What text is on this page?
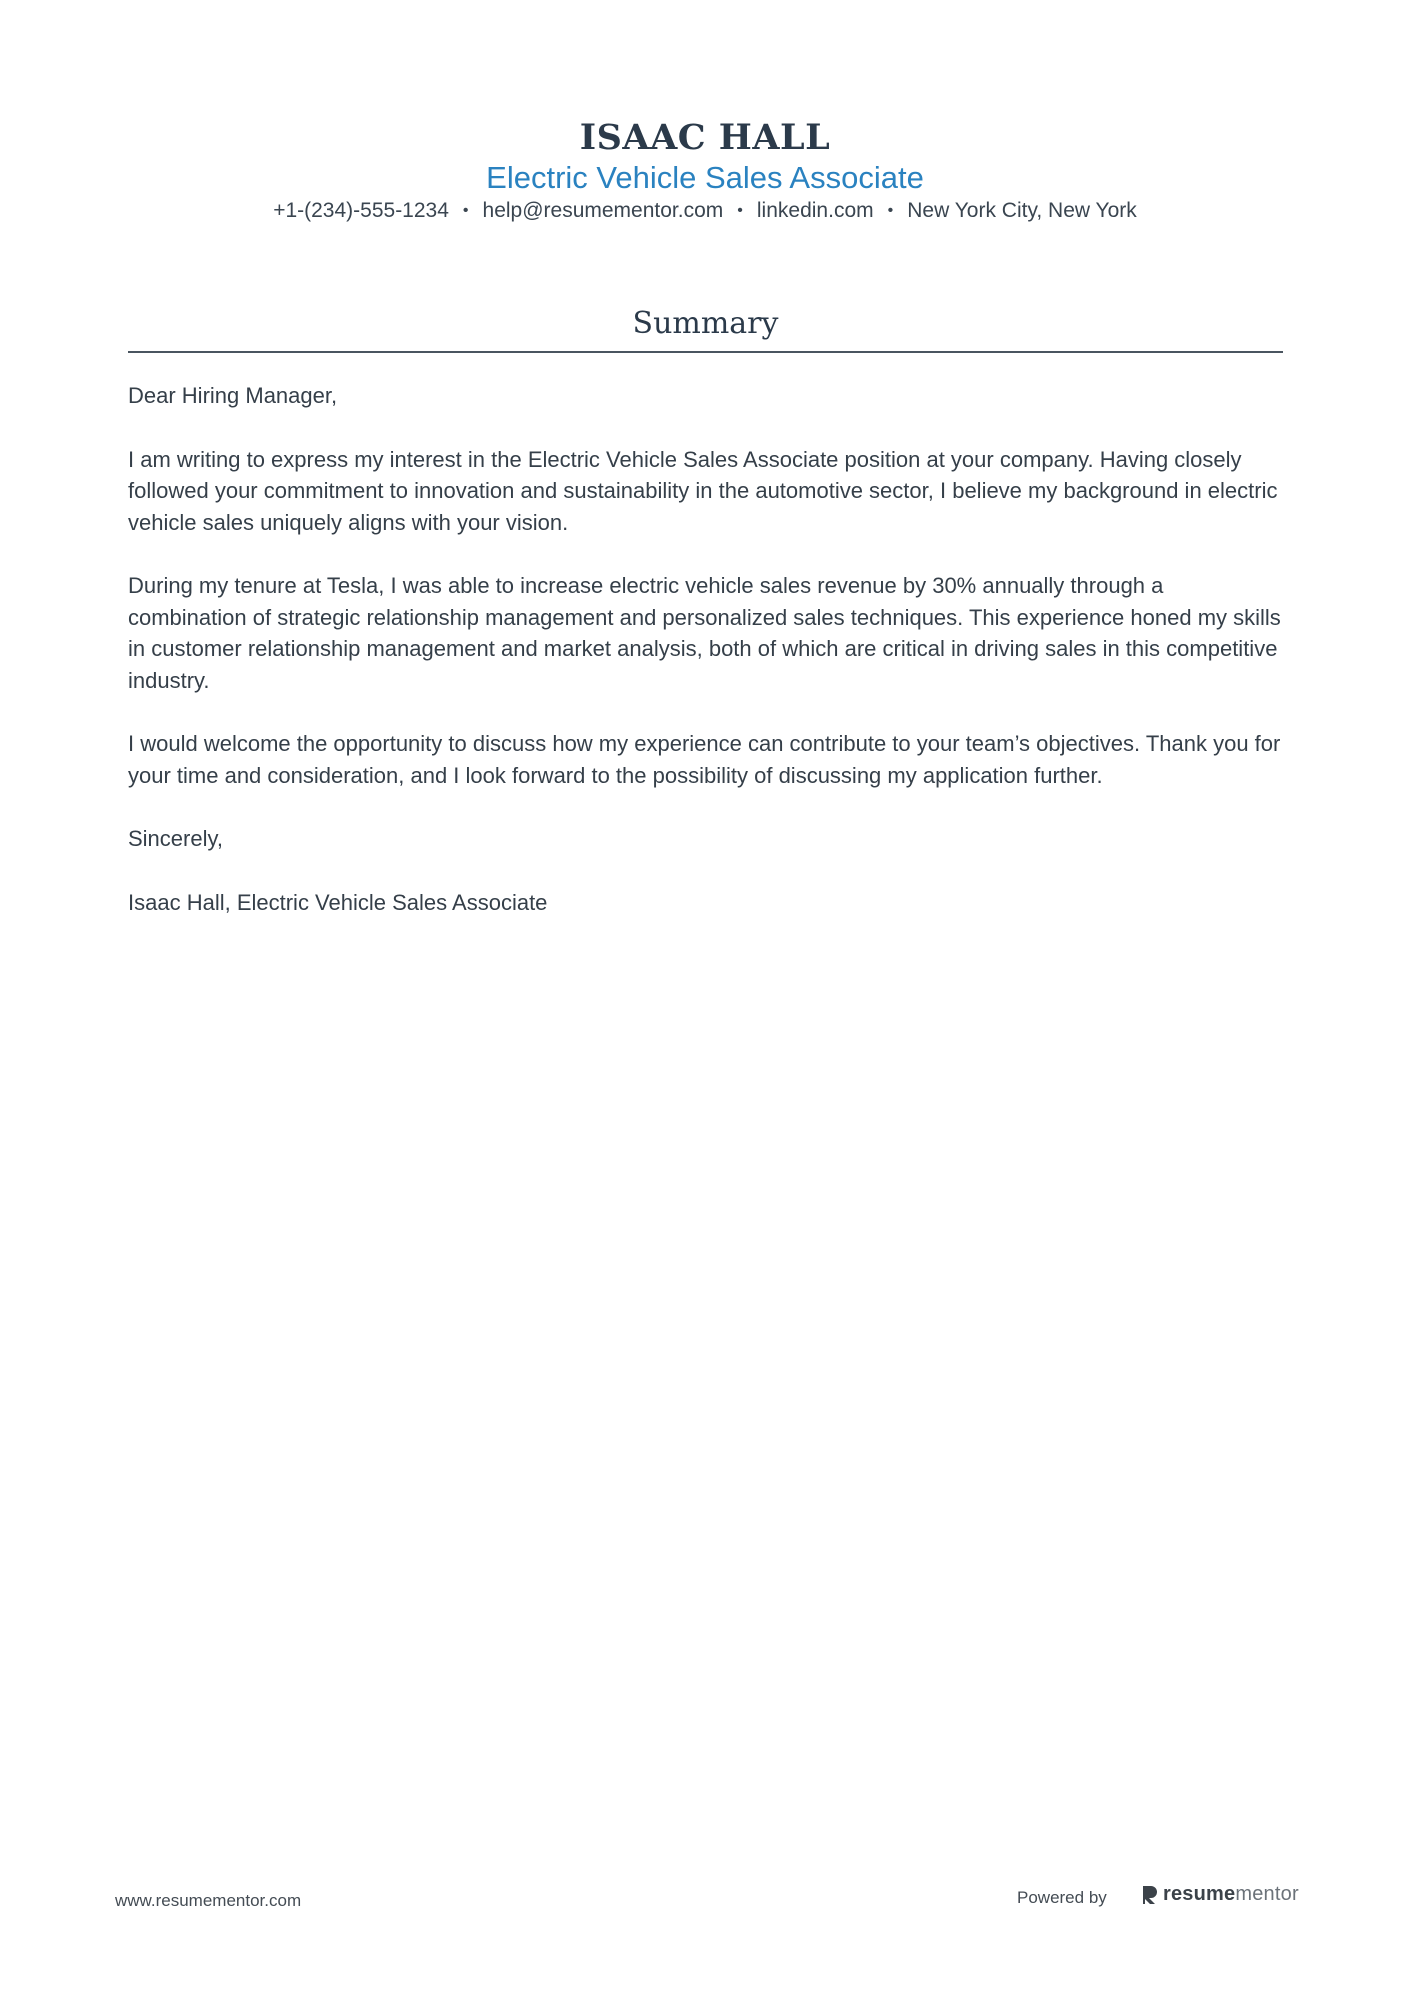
ISAAC HALL
Electric Vehicle Sales Associate
+1-(234)-555-1234 • help@resumementor.com • linkedin.com • New York City, New York
Summary

Dear Hiring Manager,

I am writing to express my interest in the Electric Vehicle Sales Associate position at your company. Having closely followed your commitment to innovation and sustainability in the automotive sector, I believe my background in electric vehicle sales uniquely aligns with your vision.

During my tenure at Tesla, I was able to increase electric vehicle sales revenue by 30% annually through a combination of strategic relationship management and personalized sales techniques. This experience honed my skills in customer relationship management and market analysis, both of which are critical in driving sales in this competitive industry.

I would welcome the opportunity to discuss how my experience can contribute to your team’s objectives. Thank you for your time and consideration, and I look forward to the possibility of discussing my application further.

Sincerely,

Isaac Hall, Electric Vehicle Sales Associate

www.resumementor.com	Powered by	resumementor
